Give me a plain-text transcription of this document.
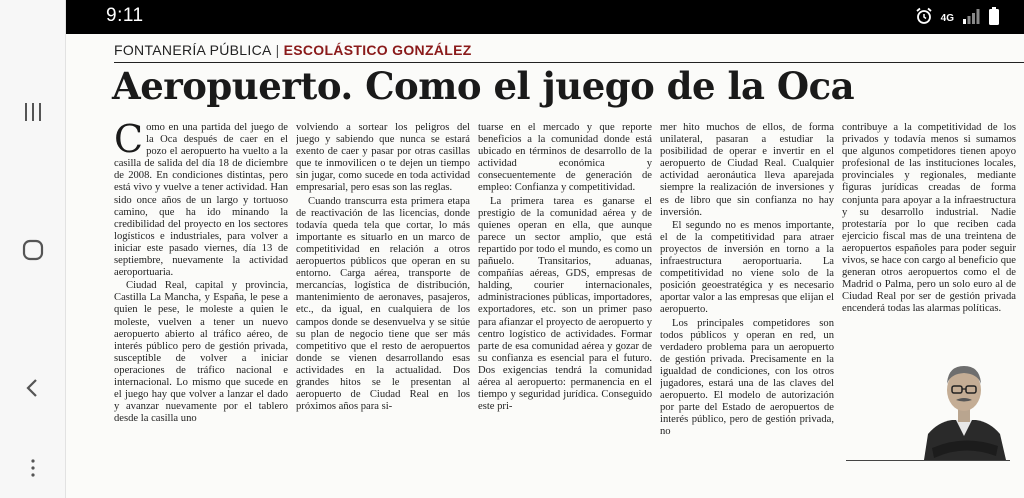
9:11	4G
FONTANERÍA PÚBLICA | ESCOLÁSTICO GONZÁLEZ
Aeropuerto. Como el juego de la Oca

Como en una partida del juego de la Oca después de caer en el pozo el aeropuerto ha vuelto a la casilla de salida del día 18 de diciembre de 2008. En condiciones distintas, pero está vivo y vuelve a tener actividad. Han sido once años de un largo y tortuoso camino, que ha ido minando la credibilidad del proyecto en los sectores logísticos e industriales, para volver a iniciar este pasado viernes, día 13 de septiembre, nuevamente la actividad aeroportuaria.

Ciudad Real, capital y provincia, Castilla La Mancha, y España, le pese a quien le pese, le moleste a quien le moleste, vuelven a tener un nuevo aeropuerto abierto al tráfico aéreo, de interés público pero de gestión privada, susceptible de volver a iniciar operaciones de tráfico nacional e internacional. Lo mismo que sucede en el juego hay que volver a lanzar el dado y avanzar nuevamente por el tablero desde la casilla uno

volviendo a sortear los peligros del juego y sabiendo que nunca se estará exento de caer y pasar por otras casillas que te inmovilicen o te dejen un tiempo sin jugar, como sucede en toda actividad empresarial, pero esas son las reglas.

Cuando transcurra esta primera etapa de reactivación de las licencias, donde todavía queda tela que cortar, lo más importante es situarlo en un marco de competitividad en relación a otros aeropuertos públicos que operan en su entorno. Carga aérea, transporte de mercancías, logística de distribución, mantenimiento de aeronaves, pasajeros, etc., da igual, en cualquiera de los campos donde se desenvuelva y se sitúe su plan de negocio tiene que ser más competitivo que el resto de aeropuertos donde se vienen desarrollando esas actividades en la actualidad. Dos grandes hitos se le presentan al aeropuerto de Ciudad Real en los próximos años para si-

tuarse en el mercado y que reporte beneficios a la comunidad donde está ubicado en términos de desarrollo de la actividad económica y consecuentemente de generación de empleo: Confianza y competitividad.

La primera tarea es ganarse el prestigio de la comunidad aérea y de quienes operan en ella, que aunque parece un sector amplio, que está repartido por todo el mundo, es como un pañuelo. Transitarios, aduanas, compañías aéreas, GDS, empresas de halding, courier internacionales, administraciones públicas, importadores, exportadores, etc. son un primer paso para afianzar el proyecto de aeropuerto y centro logístico de actividades. Formar parte de esa comunidad aérea y gozar de su confianza es esencial para el futuro. Dos exigencias tendrá la comunidad aérea al aeropuerto: permanencia en el tiempo y seguridad jurídica. Conseguido este pri-

mer hito muchos de ellos, de forma unilateral, pasaran a estudiar la posibilidad de operar e invertir en el aeropuerto de Ciudad Real. Cualquier actividad aeronáutica lleva aparejada siempre la realización de inversiones y es de libro que sin confianza no hay inversión.

El segundo no es menos importante, el de la competitividad para atraer proyectos de inversión en torno a la infraestructura aeroportuaria. La competitividad no viene solo de la posición geoestratégica y es necesario aportar valor a las empresas que elijan el aeropuerto.

Los principales competidores son todos públicos y operan en red, un verdadero problema para un aeropuerto de gestión privada. Precisamente en la igualdad de condiciones, con los otros jugadores, estará una de las claves del aeropuerto. El modelo de autorización por parte del Estado de aeropuertos de interés público, pero de gestión privada, no

contribuye a la competitividad de los privados y todavía menos si sumamos que algunos competidores tienen apoyo profesional de las instituciones locales, provinciales y regionales, mediante figuras jurídicas creadas de forma conjunta para apoyar a la infraestructura y su desarrollo industrial. Nadie protestaría por lo que reciben cada ejercicio fiscal mas de una treintena de aeropuertos españoles para poder seguir vivos, se hace con cargo al beneficio que generan otros aeropuertos como el de Madrid o Palma, pero un solo euro al de Ciudad Real por ser de gestión privada encenderá todas las alarmas políticas.
